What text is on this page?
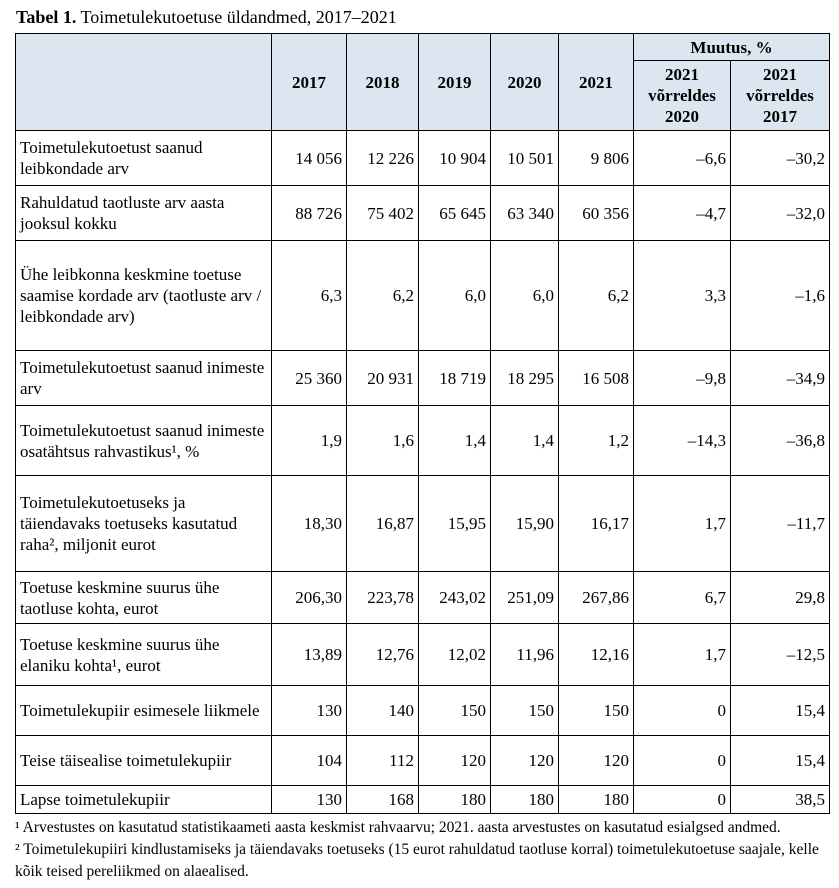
Tabel 1. Toimetulekutoetuse üldandmed, 2017–2021
	2017	2018	2019	2020	2021	Muutus, %	
						2021 võrreldes 2020	2021 võrreldes 2017
Toimetulekutoetust saanud leibkondade arv	14 056	12 226	10 904	10 501	9 806	–6,6	–30,2
Rahuldatud taotluste arv aasta jooksul kokku	88 726	75 402	65 645	63 340	60 356	–4,7	–32,0
Ühe leibkonna keskmine toetuse saamise kordade arv (taotluste arv / leibkondade arv)	6,3	6,2	6,0	6,0	6,2	3,3	–1,6
Toimetulekutoetust saanud inimeste arv	25 360	20 931	18 719	18 295	16 508	–9,8	–34,9
Toimetulekutoetust saanud inimeste osatähtsus rahvastikus¹, %	1,9	1,6	1,4	1,4	1,2	–14,3	–36,8
Toimetulekutoetuseks ja täiendavaks toetuseks kasutatud raha², miljonit eurot	18,30	16,87	15,95	15,90	16,17	1,7	–11,7
Toetuse keskmine suurus ühe taotluse kohta, eurot	206,30	223,78	243,02	251,09	267,86	6,7	29,8
Toetuse keskmine suurus ühe elaniku kohta¹, eurot	13,89	12,76	12,02	11,96	12,16	1,7	–12,5
Toimetulekupiir esimesele liikmele	130	140	150	150	150	0	15,4
Teise täisealise toimetulekupiir	104	112	120	120	120	0	15,4
Lapse toimetulekupiir	130	168	180	180	180	0	38,5

¹ Arvestustes on kasutatud statistikaameti aasta keskmist rahvaarvu; 2021. aasta arvestustes on kasutatud esialgsed andmed.

² Toimetulekupiiri kindlustamiseks ja täiendavaks toetuseks (15 eurot rahuldatud taotluse korral) toimetulekutoetuse saajale, kelle kõik teised pereliikmed on alaealised.
